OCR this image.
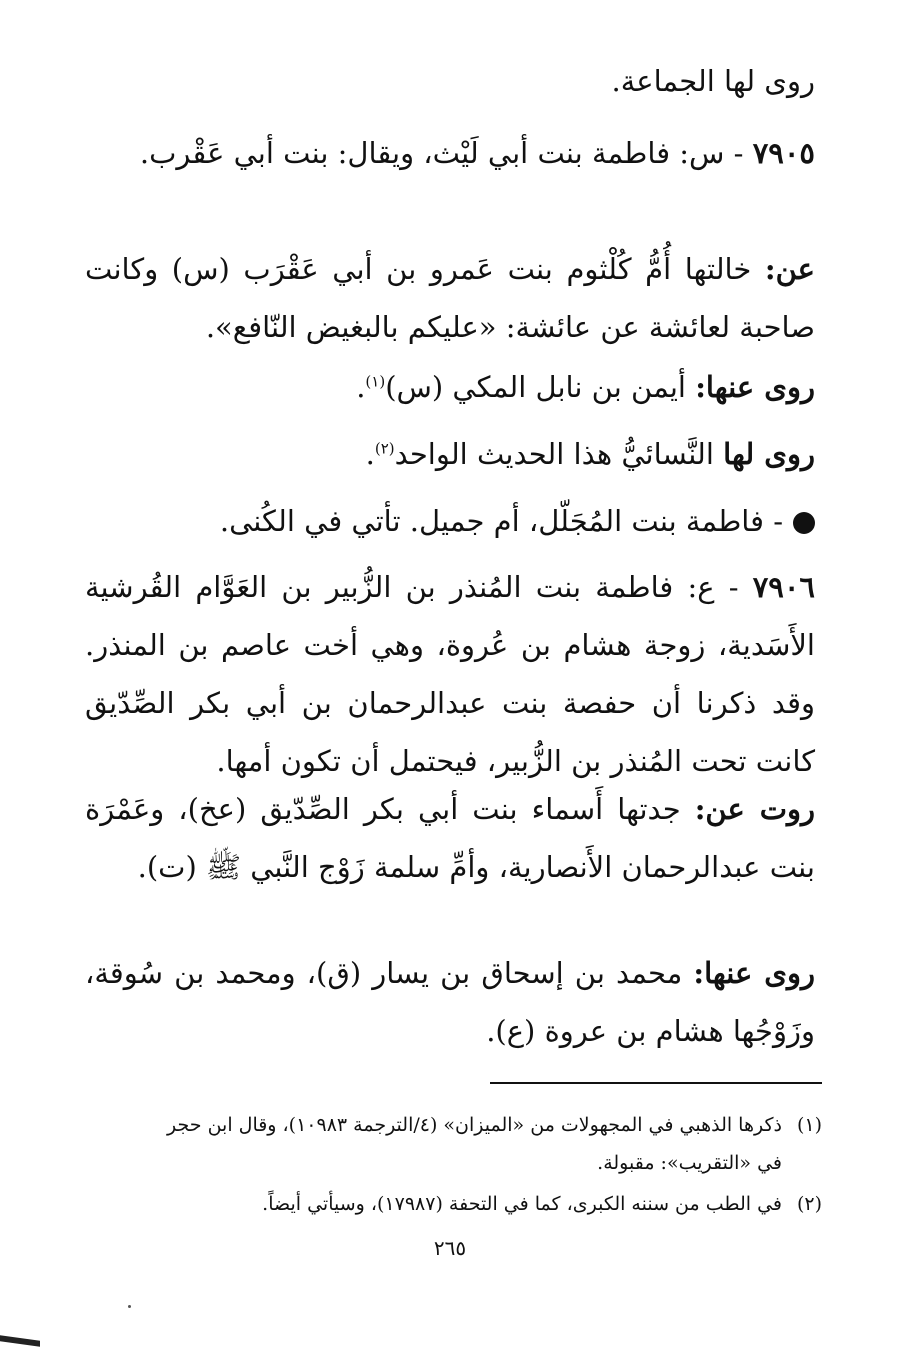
روى لها الجماعة.

٧٩٠٥ - س: فاطمة بنت أبي لَيْث، ويقال: بنت أبي عَقْرب.

عن: خالتها أُمُّ كُلْثوم بنت عَمرو بن أبي عَقْرَب (س) وكانت صاحبة لعائشة عن عائشة: «عليكم بالبغيض النّافع».

روى عنها: أيمن بن نابل المكي (س)$^{(١)}$.

روى لها النَّسائيُّ هذا الحديث الواحد$^{(٢)}$.

- فاطمة بنت المُجَلّل، أم جميل. تأتي في الكُنى.

٧٩٠٦ - ع: فاطمة بنت المُنذر بن الزُّبير بن العَوَّام القُرشية الأَسَدية، زوجة هشام بن عُروة، وهي أخت عاصم بن المنذر. وقد ذكرنا أن حفصة بنت عبدالرحمان بن أبي بكر الصِّدّيق كانت تحت المُنذر بن الزُّبير، فيحتمل أن تكون أمها.

روت عن: جدتها أَسماء بنت أبي بكر الصِّدّيق (عخ)، وعَمْرَة بنت عبدالرحمان الأَنصارية، وأمِّ سلمة زَوْج النَّبي ﷺ (ت).

روى عنها: محمد بن إسحاق بن يسار (ق)، ومحمد بن سُوقة، وزَوْجُها هشام بن عروة (ع).

(١)ذكرها الذهبي في المجهولات من «الميزان» (٤/الترجمة ١٠٩٨٣)، وقال ابن حجر
في «التقريب»: مقبولة.
(٢)في الطب من سننه الكبرى، كما في التحفة (١٧٩٨٧)، وسيأتي أيضاً.
٢٦٥
